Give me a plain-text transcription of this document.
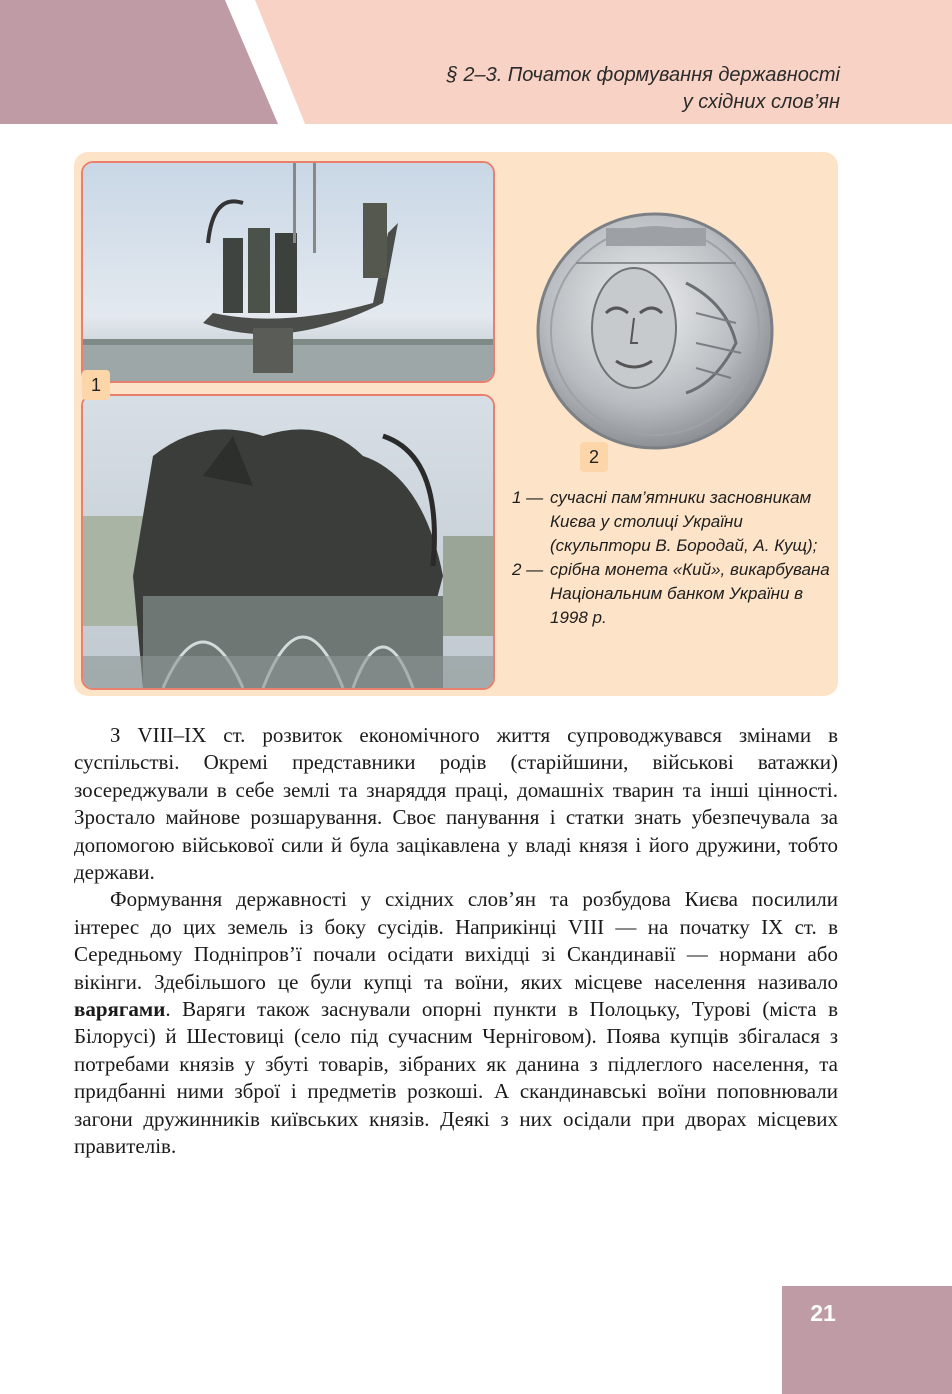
§ 2–3. Початок формування державності
у східних слов’ян
1
2
1 — сучасні пам’ятники засновникам Києва у столиці України (скульптори В. Бородай, А. Кущ);
2 — срібна монета «Кий», викарбувана Національним банком України в 1998 р.

З VIII–IX ст. розвиток економічного життя супроводжувався змінами в суспільстві. Окремі представники родів (старійшини, військові ватажки) зосереджували в себе землі та знаряддя праці, домашніх тварин та інші цінності. Зростало майнове розшарування. Своє панування і статки знать убезпечувала за допомогою військової сили й була зацікавлена у владі князя і його дружини, тобто держави.

Формування державності у східних слов’ян та розбудова Києва посилили інтерес до цих земель із боку сусідів. Наприкінці VIII — на початку IX ст. в Середньому Подніпров’ї почали осідати вихідці зі Скандинавії — нормани або вікінги. Здебільшого це були купці та воїни, яких місцеве населення називало варягами. Варяги також заснували опорні пункти в Полоцьку, Турові (міста в Білорусі) й Шестовиці (село під сучасним Черніговом). Поява купців збігалася з потребами князів у збуті товарів, зібраних як данина з підлеглого населення, та придбанні ними зброї і предметів розкоші. А скандинавські воїни поповнювали загони дружинників київських князів. Деякі з них осідали при дворах місцевих правителів.

21
